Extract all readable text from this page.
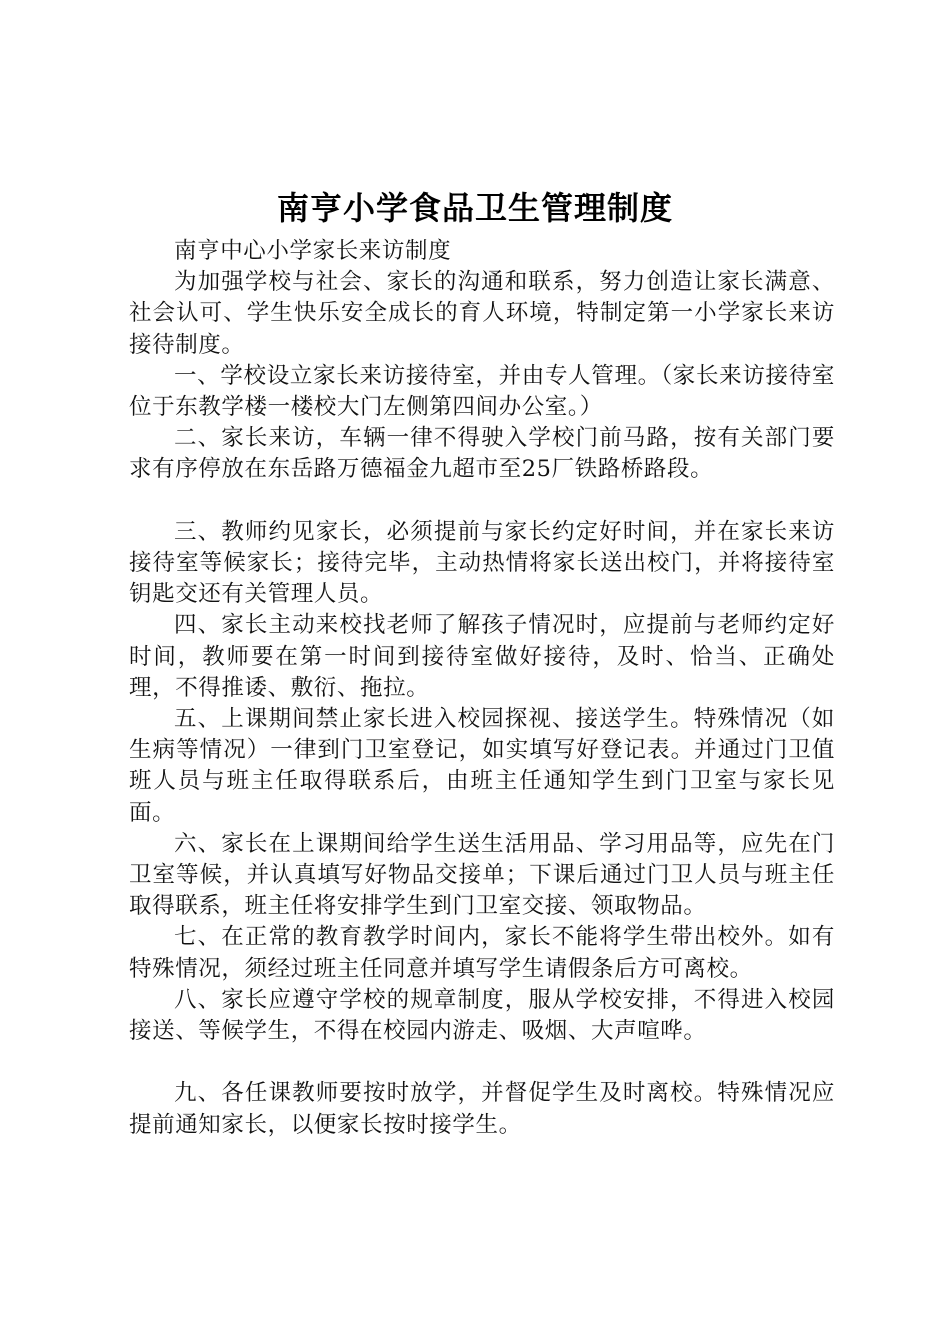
南亨小学食品卫生管理制度

南亨中心小学家长来访制度

为加强学校与社会、家长的沟通和联系，努力创造让家长满意、社会认可、学生快乐安全成长的育人环境，特制定第一小学家长来访接待制度。

一、学校设立家长来访接待室，并由专人管理。（家长来访接待室位于东教学楼一楼校大门左侧第四间办公室。）

二、家长来访，车辆一律不得驶入学校门前马路，按有关部门要求有序停放在东岳路万德福金九超市至25厂铁路桥路段。

三、教师约见家长，必须提前与家长约定好时间，并在家长来访接待室等候家长；接待完毕，主动热情将家长送出校门，并将接待室钥匙交还有关管理人员。

四、家长主动来校找老师了解孩子情况时，应提前与老师约定好时间，教师要在第一时间到接待室做好接待，及时、恰当、正确处理，不得推诿、敷衍、拖拉。

五、上课期间禁止家长进入校园探视、接送学生。特殊情况（如生病等情况）一律到门卫室登记，如实填写好登记表。并通过门卫值班人员与班主任取得联系后，由班主任通知学生到门卫室与家长见面。

六、家长在上课期间给学生送生活用品、学习用品等，应先在门卫室等候，并认真填写好物品交接单；下课后通过门卫人员与班主任取得联系，班主任将安排学生到门卫室交接、领取物品。

七、在正常的教育教学时间内，家长不能将学生带出校外。如有特殊情况，须经过班主任同意并填写学生请假条后方可离校。

八、家长应遵守学校的规章制度，服从学校安排，不得进入校园接送、等候学生，不得在校园内游走、吸烟、大声喧哗。

九、各任课教师要按时放学，并督促学生及时离校。特殊情况应提前通知家长，以便家长按时接学生。
